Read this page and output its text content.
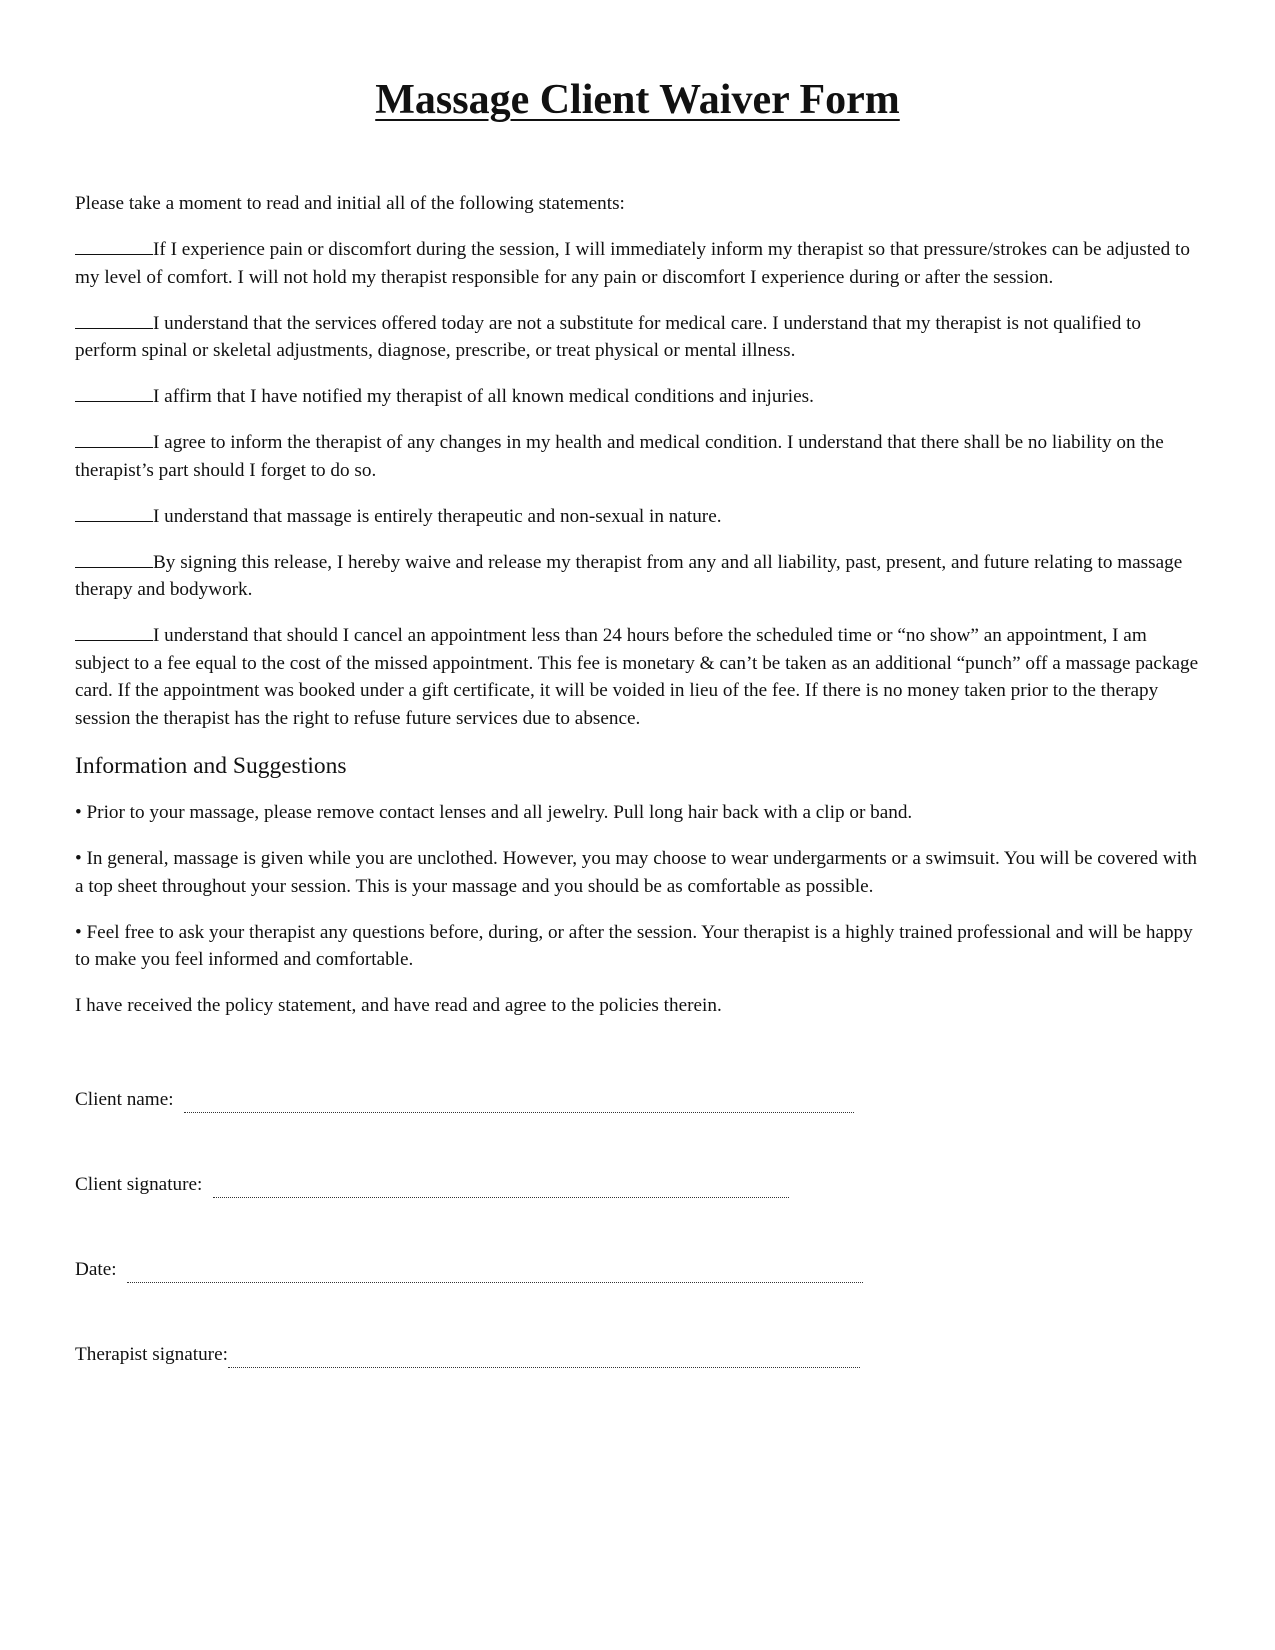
Massage Client Waiver Form

Please take a moment to read and initial all of the following statements:

If I experience pain or discomfort during the session, I will immediately inform my therapist so that pressure/strokes can be adjusted to my level of comfort. I will not hold my therapist responsible for any pain or discomfort I experience during or after the session.

I understand that the services offered today are not a substitute for medical care. I understand that my therapist is not qualified to perform spinal or skeletal adjustments, diagnose, prescribe, or treat physical or mental illness.

I affirm that I have notified my therapist of all known medical conditions and injuries.

I agree to inform the therapist of any changes in my health and medical condition. I understand that there shall be no liability on the therapist’s part should I forget to do so.

I understand that massage is entirely therapeutic and non-sexual in nature.

By signing this release, I hereby waive and release my therapist from any and all liability, past, present, and future relating to massage therapy and bodywork.

I understand that should I cancel an appointment less than 24 hours before the scheduled time or “no show” an appointment, I am subject to a fee equal to the cost of the missed appointment. This fee is monetary & can’t be taken as an additional “punch” off a massage package card. If the appointment was booked under a gift certificate, it will be voided in lieu of the fee. If there is no money taken prior to the therapy session the therapist has the right to refuse future services due to absence.

Information and Suggestions

• Prior to your massage, please remove contact lenses and all jewelry. Pull long hair back with a clip or band.

• In general, massage is given while you are unclothed. However, you may choose to wear undergarments or a swimsuit. You will be covered with a top sheet throughout your session. This is your massage and you should be as comfortable as possible.

• Feel free to ask your therapist any questions before, during, or after the session. Your therapist is a highly trained professional and will be happy to make you feel informed and comfortable.

I have received the policy statement, and have read and agree to the policies therein.

Client name:
Client signature:
Date:
Therapist signature:
